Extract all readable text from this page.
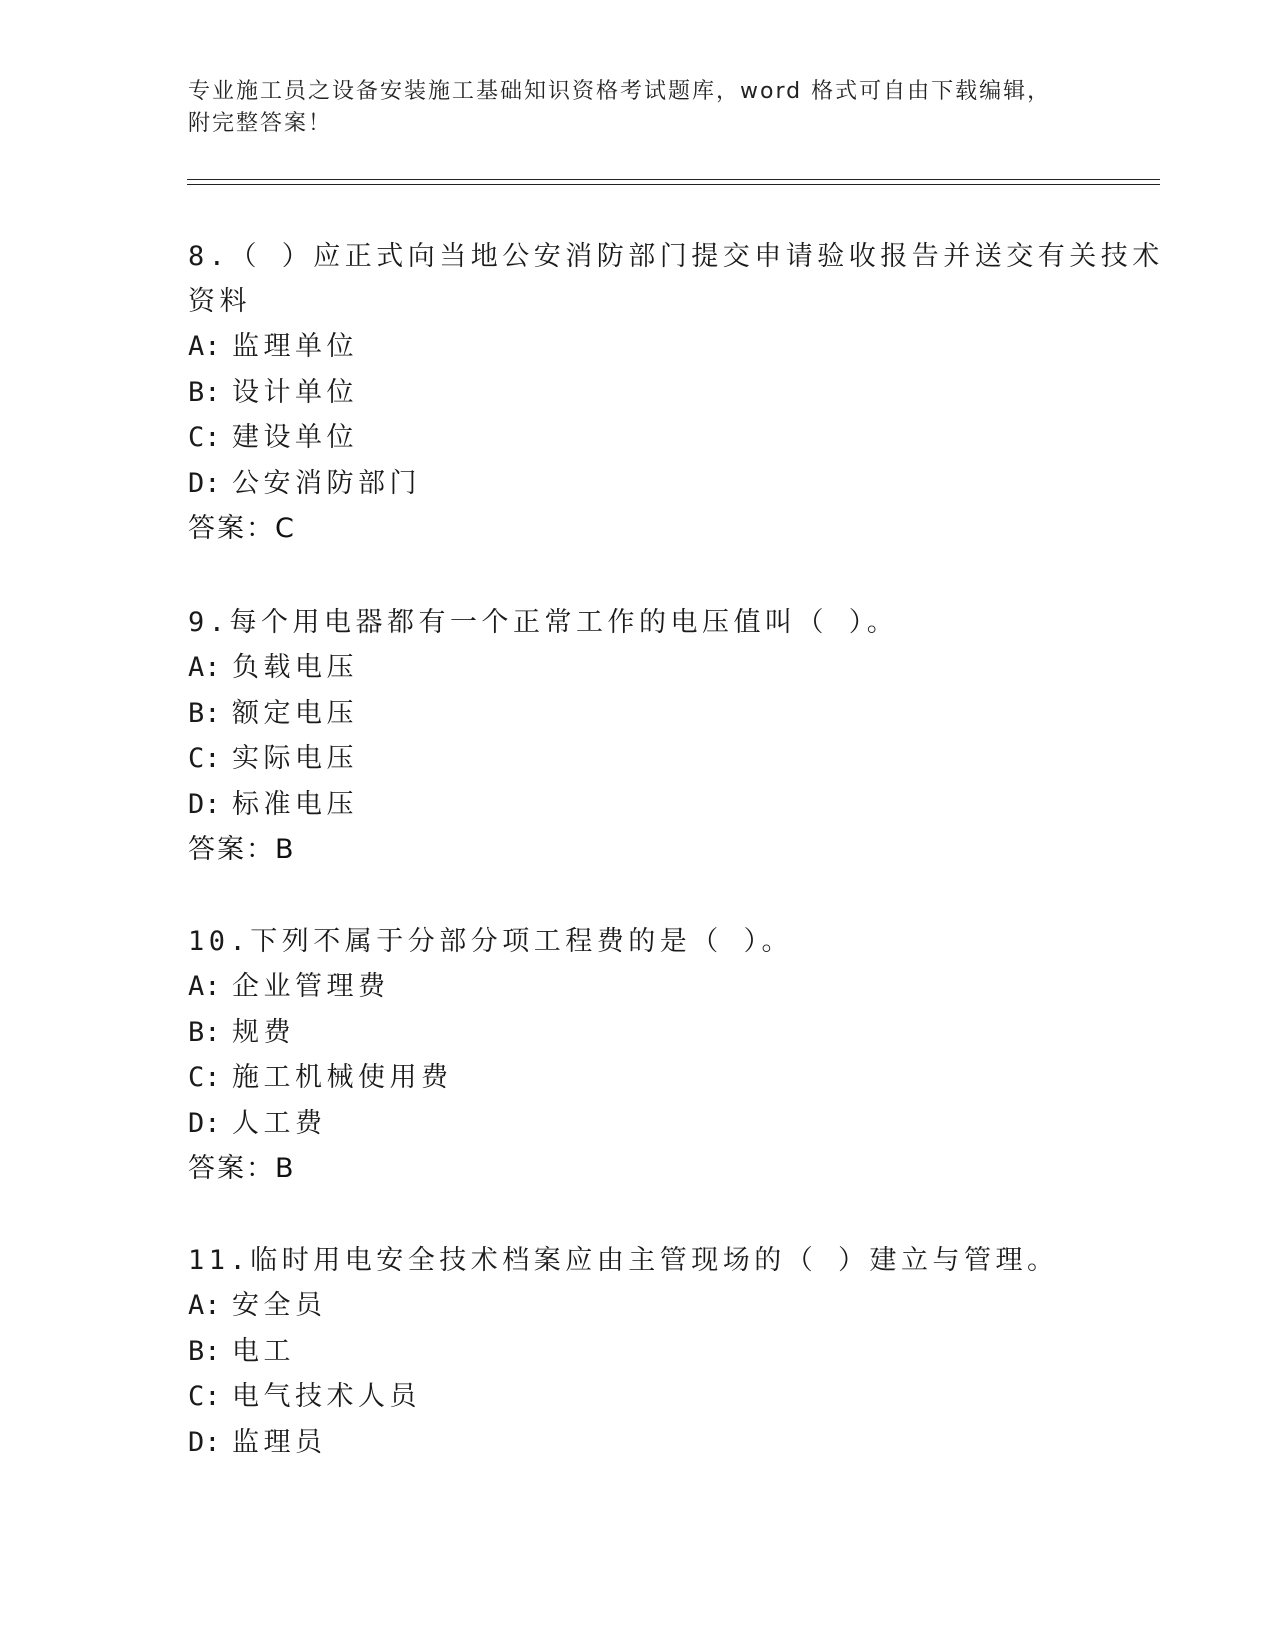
专业施工员之设备安装施工基础知识资格考试题库，word 格式可自由下载编辑，
附完整答案！

8.（ ）应正式向当地公安消防部门提交申请验收报告并送交有关技术
资料

A: 监理单位
B: 设计单位
C: 建设单位
D: 公安消防部门
答案：C

9.每个用电器都有一个正常工作的电压值叫（ ）。

A: 负载电压
B: 额定电压
C: 实际电压
D: 标准电压
答案：B

10.下列不属于分部分项工程费的是（ ）。

A: 企业管理费
B: 规费
C: 施工机械使用费
D: 人工费
答案：B

11.临时用电安全技术档案应由主管现场的（ ）建立与管理。

A: 安全员
B: 电工
C: 电气技术人员
D: 监理员
